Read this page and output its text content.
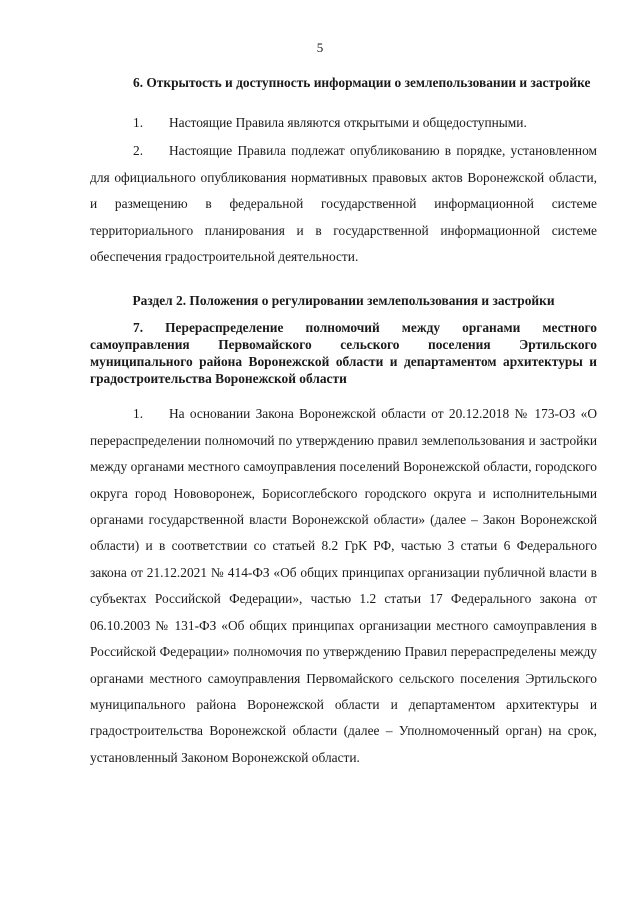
5

6. Открытость и доступность информации о землепользовании и застройке

1. Настоящие Правила являются открытыми и общедоступными.

2. Настоящие Правила подлежат опубликованию в порядке, установленном для официального опубликования нормативных правовых актов Воронежской области, и размещению в федеральной государственной информационной системе территориального планирования и в государственной информационной системе обеспечения градостроительной деятельности.

Раздел 2. Положения о регулировании землепользования и застройки

7. Перераспределение полномочий между органами местного самоуправления Первомайского сельского поселения Эртильского муниципального района Воронежской области и департаментом архитектуры и градостроительства Воронежской области

1. На основании Закона Воронежской области от 20.12.2018 № 173-ОЗ «О перераспределении полномочий по утверждению правил землепользования и застройки между органами местного самоуправления поселений Воронежской области, городского округа город Нововоронеж, Борисоглебского городского округа и исполнительными органами государственной власти Воронежской области» (далее – Закон Воронежской области) и в соответствии со статьей 8.2 ГрК РФ, частью 3 статьи 6 Федерального закона от 21.12.2021 № 414-ФЗ «Об общих принципах организации публичной власти в субъектах Российской Федерации», частью 1.2 статьи 17 Федерального закона от 06.10.2003 № 131-ФЗ «Об общих принципах организации местного самоуправления в Российской Федерации» полномочия по утверждению Правил перераспределены между органами местного самоуправления Первомайского сельского поселения Эртильского муниципального района Воронежской области и департаментом архитектуры и градостроительства Воронежской области (далее – Уполномоченный орган) на срок, установленный Законом Воронежской области.
